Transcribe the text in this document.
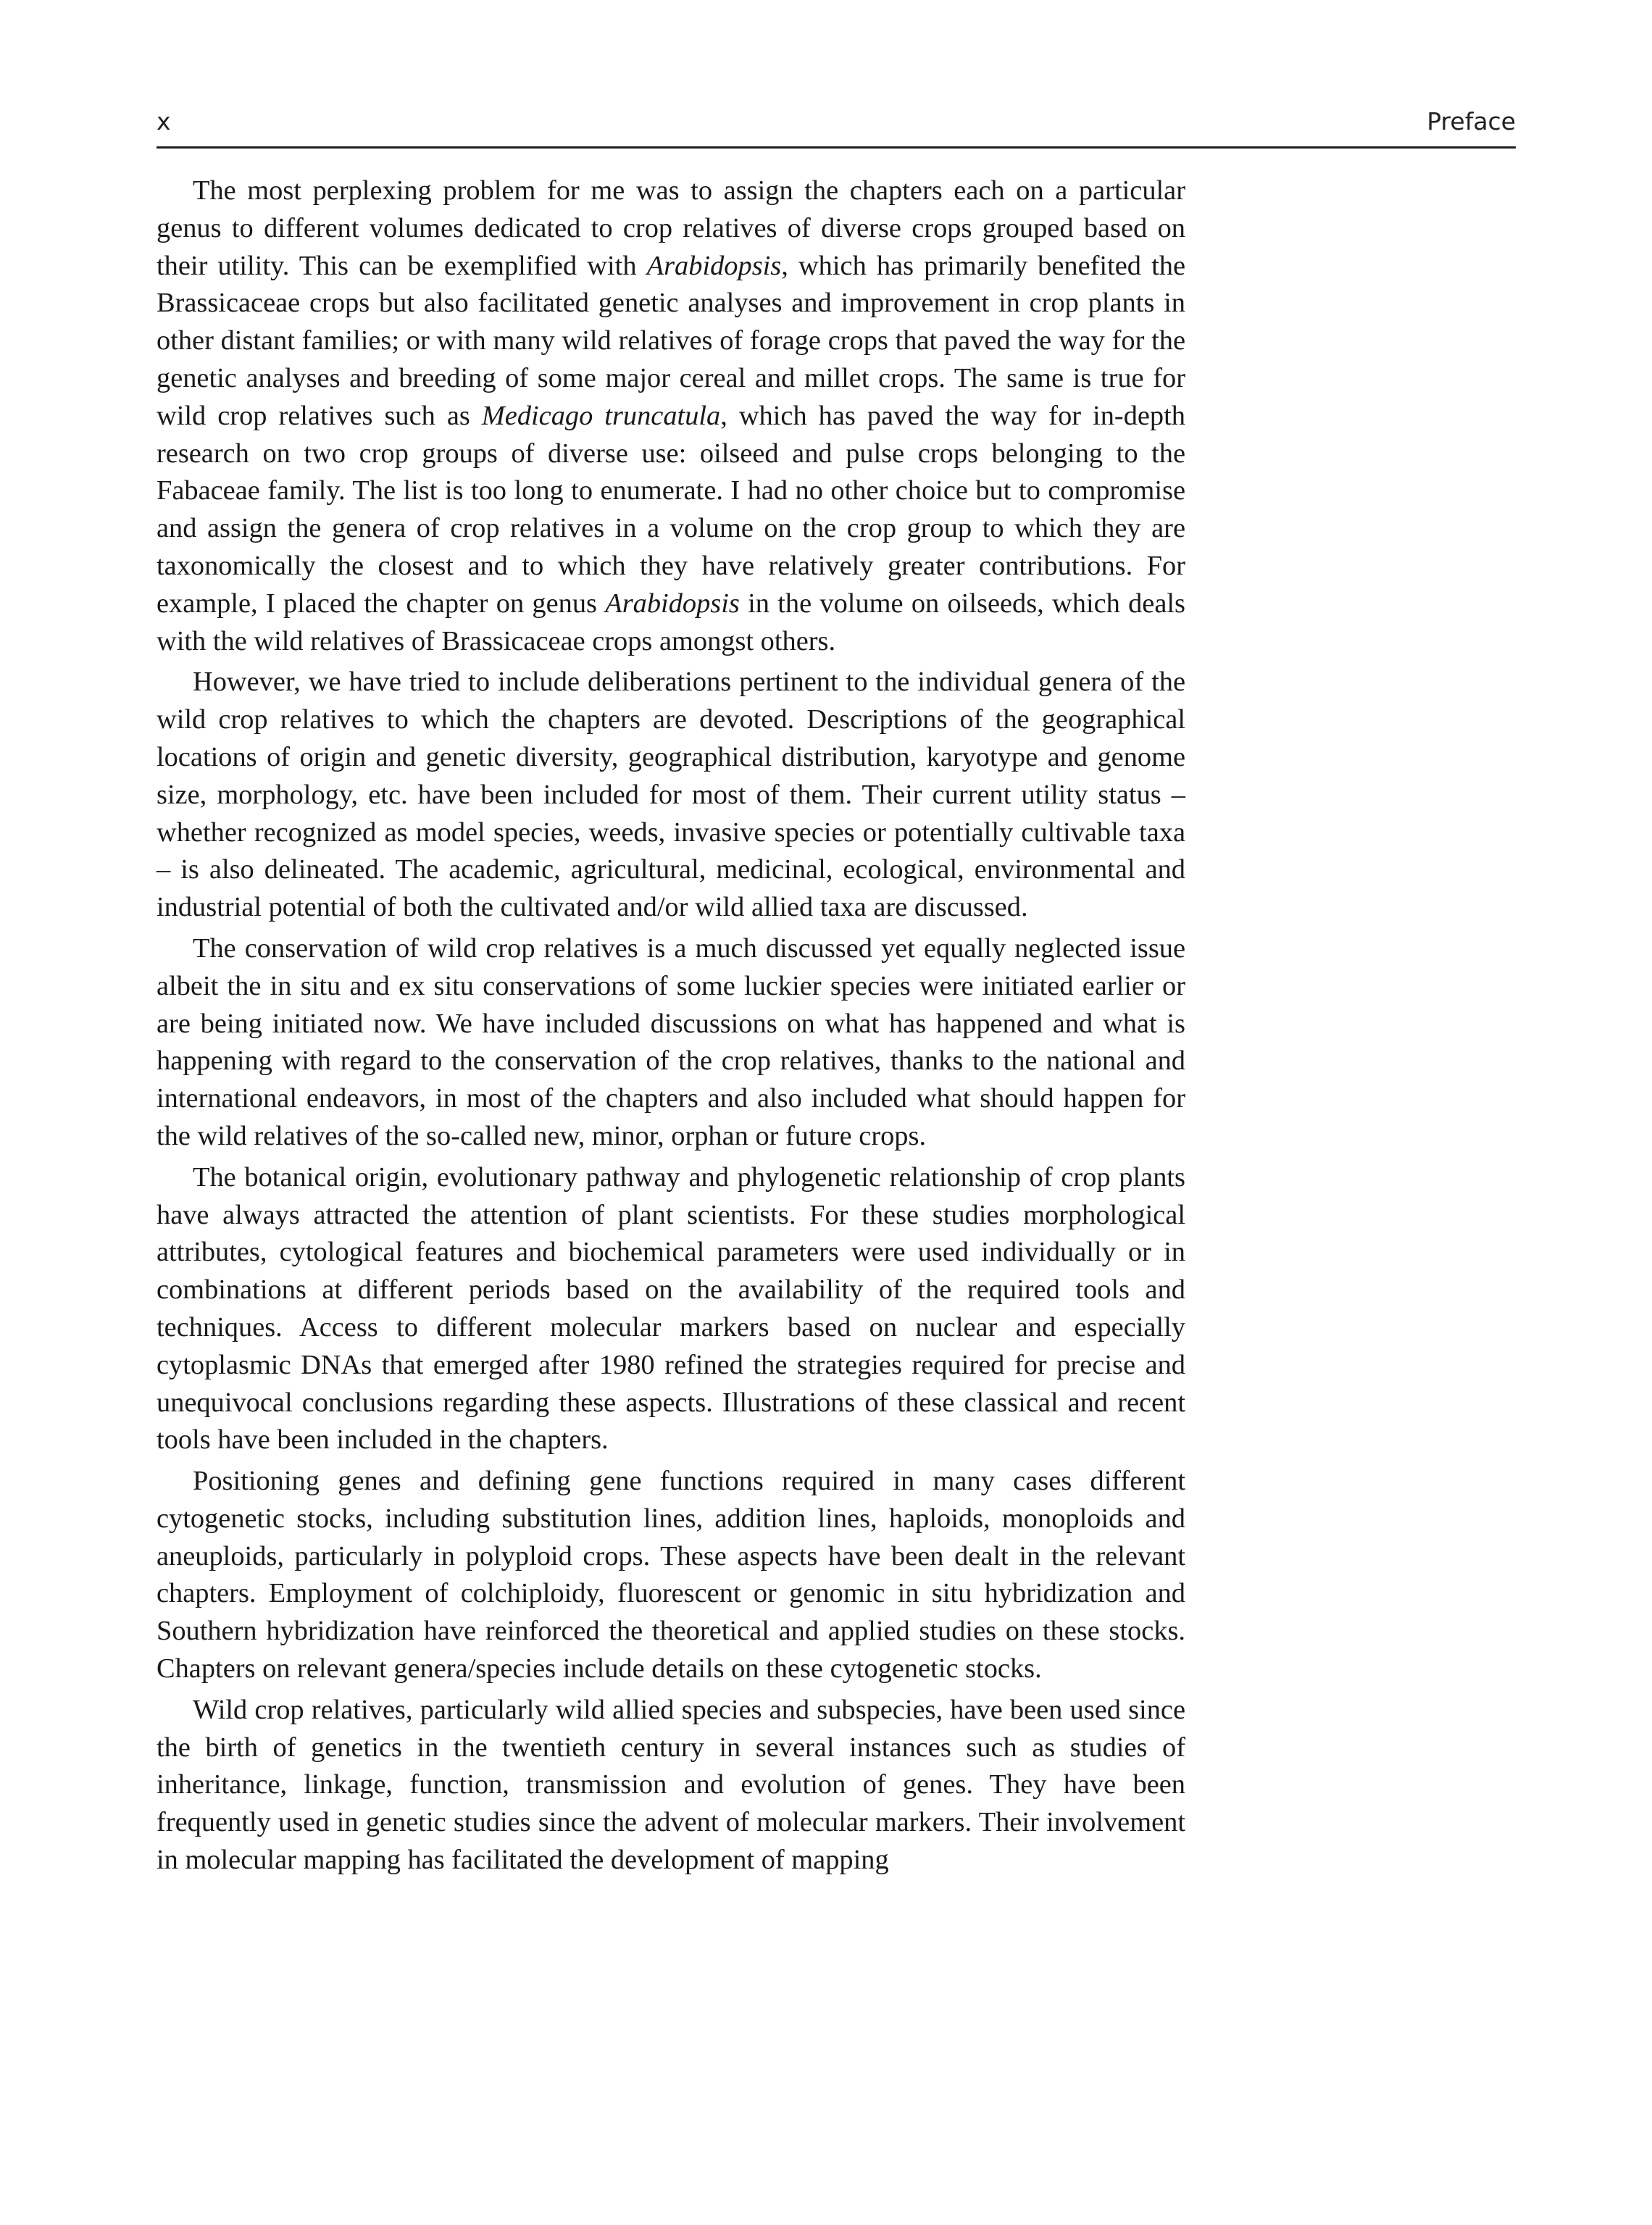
x	Preface

The most perplexing problem for me was to assign the chapters each on a particular genus to different volumes dedicated to crop relatives of diverse crops grouped based on their utility. This can be exemplified with Arabidopsis, which has primarily benefited the Brassicaceae crops but also facilitated genetic analyses and improvement in crop plants in other distant families; or with many wild relatives of forage crops that paved the way for the genetic analyses and breeding of some major cereal and millet crops. The same is true for wild crop relatives such as Medicago truncatula, which has paved the way for in-depth research on two crop groups of diverse use: oilseed and pulse crops belonging to the Fabaceae family. The list is too long to enumerate. I had no other choice but to compromise and assign the genera of crop relatives in a volume on the crop group to which they are taxonomically the closest and to which they have relatively greater contributions. For example, I placed the chapter on genus Arabidopsis in the volume on oilseeds, which deals with the wild relatives of Brassicaceae crops amongst others.

However, we have tried to include deliberations pertinent to the individual genera of the wild crop relatives to which the chapters are devoted. Descriptions of the geographical locations of origin and genetic diversity, geographical distribution, karyotype and genome size, morphology, etc. have been included for most of them. Their current utility status – whether recognized as model species, weeds, invasive species or potentially cultivable taxa – is also delineated. The academic, agricultural, medicinal, ecological, environmental and industrial potential of both the cultivated and/or wild allied taxa are discussed.

The conservation of wild crop relatives is a much discussed yet equally neglected issue albeit the in situ and ex situ conservations of some luckier species were initiated earlier or are being initiated now. We have included discussions on what has happened and what is happening with regard to the conservation of the crop relatives, thanks to the national and international endeavors, in most of the chapters and also included what should happen for the wild relatives of the so-called new, minor, orphan or future crops.

The botanical origin, evolutionary pathway and phylogenetic relationship of crop plants have always attracted the attention of plant scientists. For these studies morphological attributes, cytological features and biochemical parameters were used individually or in combinations at different periods based on the availability of the required tools and techniques. Access to different molecular markers based on nuclear and especially cytoplasmic DNAs that emerged after 1980 refined the strategies required for precise and unequivocal conclusions regarding these aspects. Illustrations of these classical and recent tools have been included in the chapters.

Positioning genes and defining gene functions required in many cases different cytogenetic stocks, including substitution lines, addition lines, haploids, monoploids and aneuploids, particularly in polyploid crops. These aspects have been dealt in the relevant chapters. Employment of colchiploidy, fluorescent or genomic in situ hybridization and Southern hybridization have reinforced the theoretical and applied studies on these stocks. Chapters on relevant genera/species include details on these cytogenetic stocks.

Wild crop relatives, particularly wild allied species and subspecies, have been used since the birth of genetics in the twentieth century in several instances such as studies of inheritance, linkage, function, transmission and evolution of genes. They have been frequently used in genetic studies since the advent of molecular markers. Their involvement in molecular mapping has facilitated the development of mapping
